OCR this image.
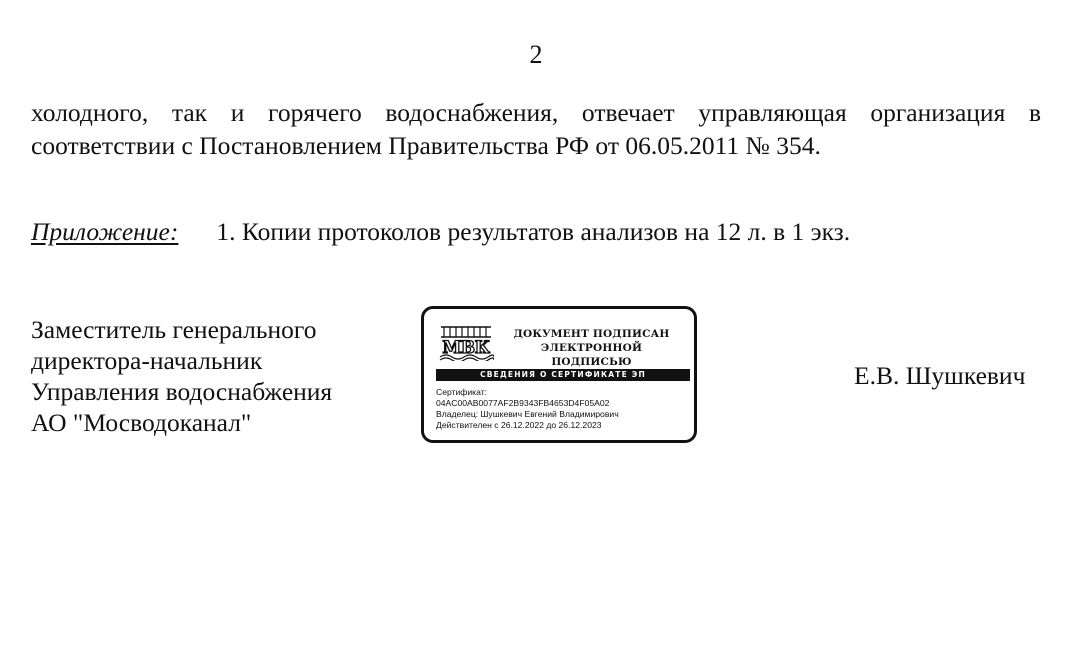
2
холодного, так и горячего водоснабжения, отвечает управляющая организация в
соответствии с Постановлением Правительства РФ от 06.05.2011 № 354.
Приложение: 1. Копии протоколов результатов анализов на 12 л. в 1 экз.
Заместитель генерального
директора-начальник
Управления водоснабжения
АО "Мосводоканал"
МВК
ДОКУМЕНТ ПОДПИСАН
ЭЛЕКТРОННОЙ ПОДПИСЬЮ
СВЕДЕНИЯ О СЕРТИФИКАТЕ ЭП
Сертификат:
04AC00AB0077AF2B9343FB4653D4F05A02
Владелец: Шушкевич Евгений Владимирович
Действителен с 26.12.2022 до 26.12.2023
Е.В. Шушкевич
